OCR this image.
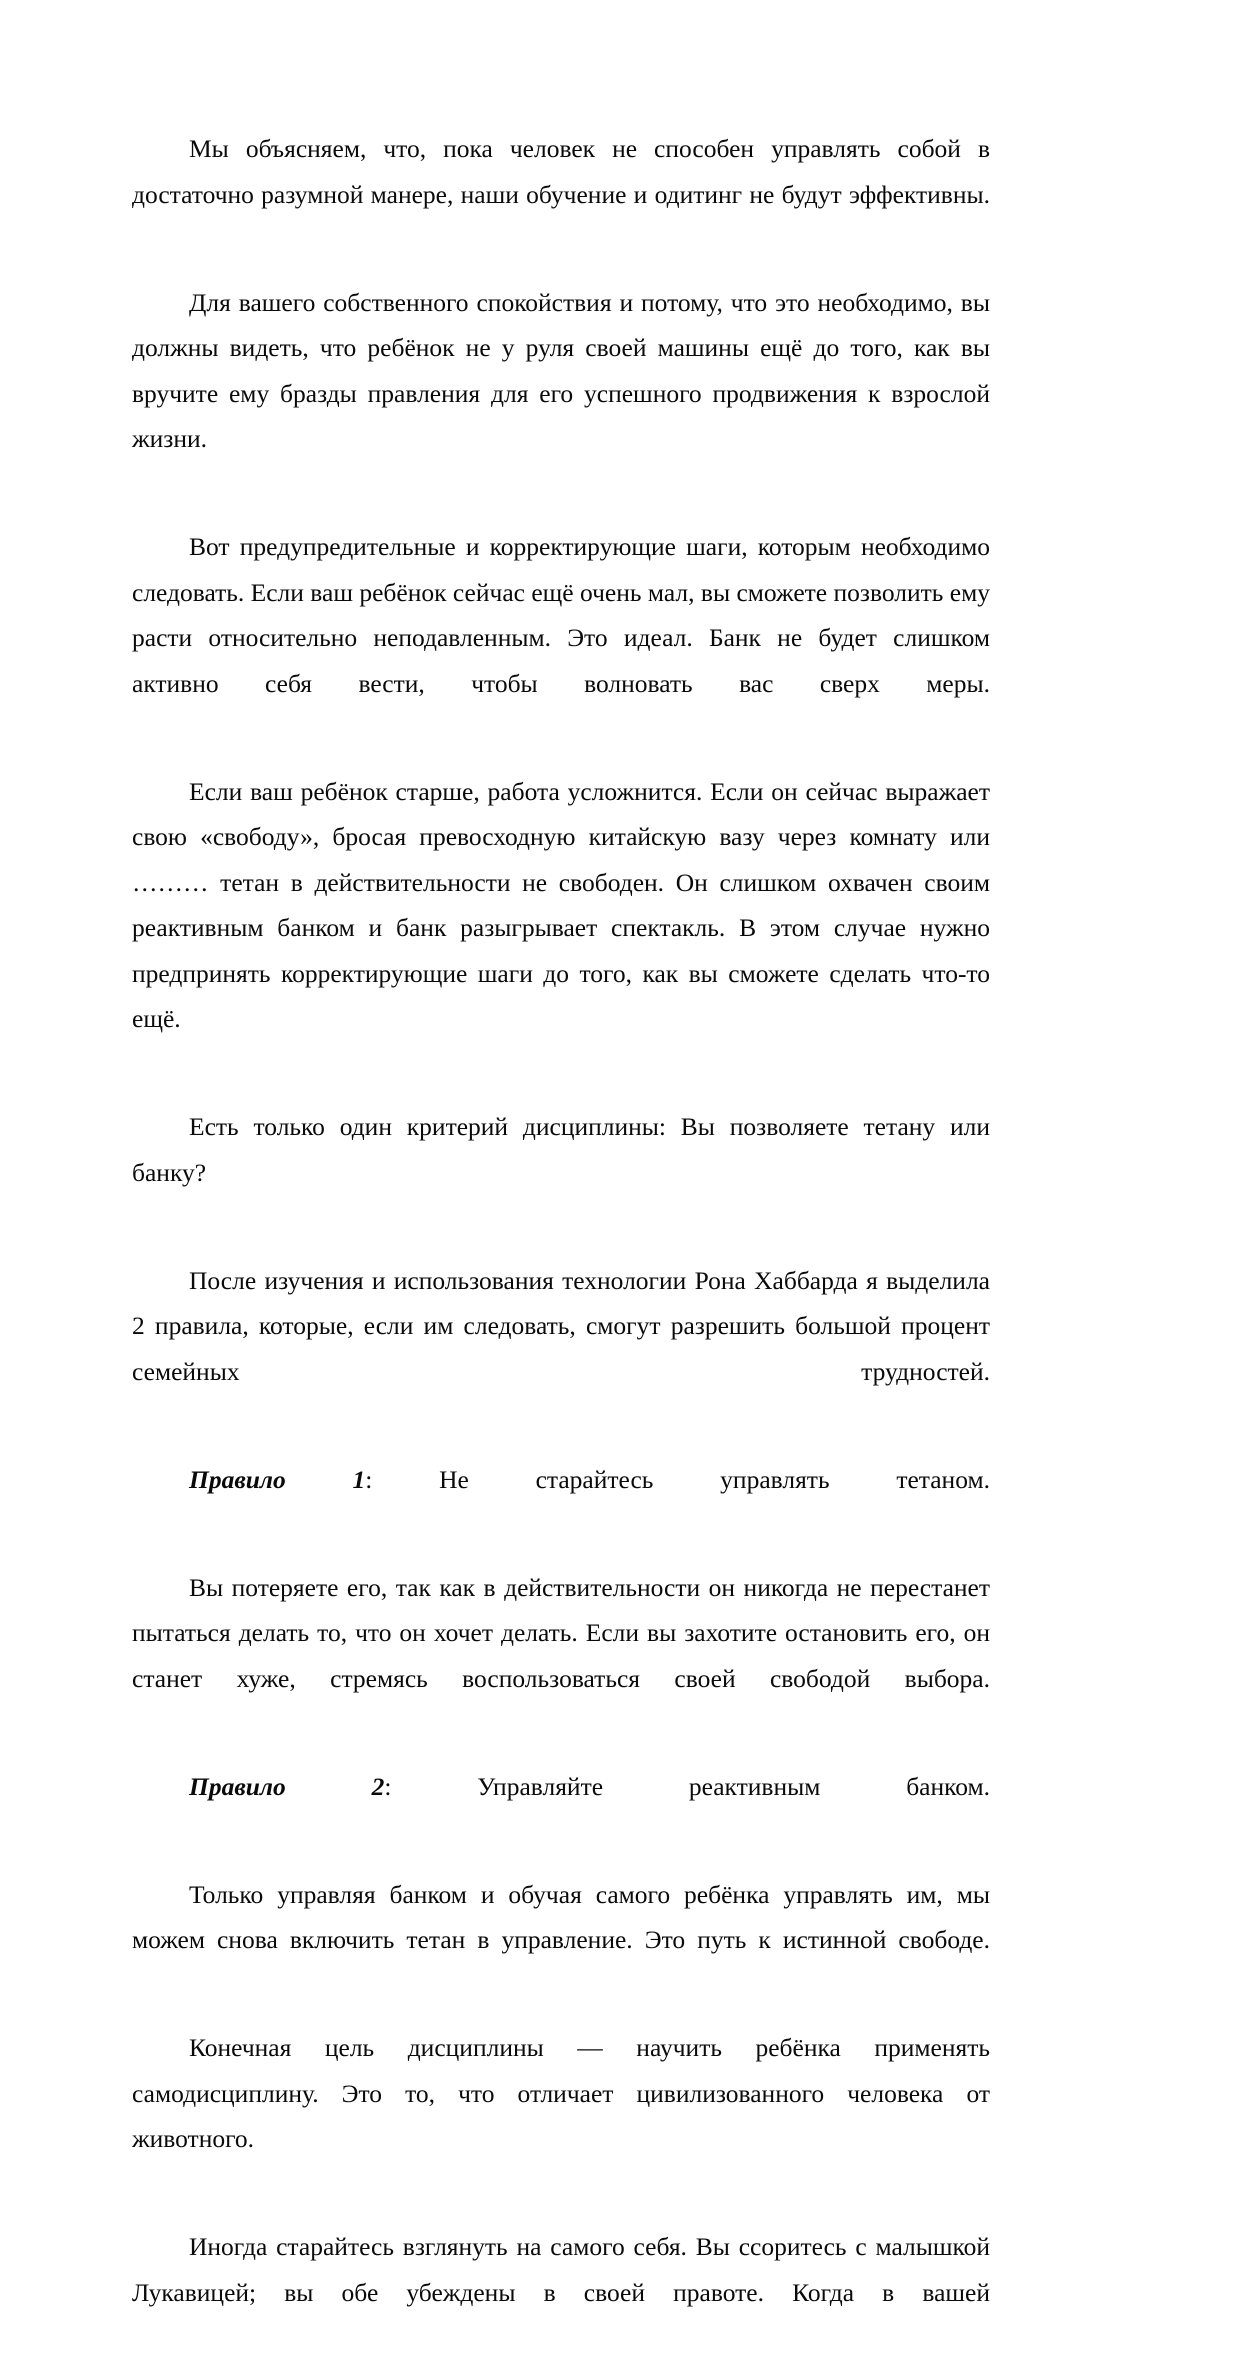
Мы объясняем, что, пока человек не способен управлять собой в достаточно разумной манере, наши обучение и одитинг не будут эффективны.

Для вашего собственного спокойствия и потому, что это необходимо, вы должны видеть, что ребёнок не у руля своей машины ещё до того, как вы вручите ему бразды правления для его успешного продвижения к взрослой жизни.

Вот предупредительные и корректирующие шаги, которым необходимо следовать. Если ваш ребёнок сейчас ещё очень мал, вы сможете позволить ему расти относительно неподавленным. Это идеал. Банк не будет слишком активно себя вести, чтобы волновать вас сверх меры.

Если ваш ребёнок старше, работа усложнится. Если он сейчас выражает свою «свободу», бросая превосходную китайскую вазу через комнату или ……… тетан в действительности не свободен. Он слишком охвачен своим реактивным банком и банк разыгрывает спектакль. В этом случае нужно предпринять корректирующие шаги до того, как вы сможете сделать что-то ещё.

Есть только один критерий дисциплины: Вы позволяете тетану или банку?

После изучения и использования технологии Рона Хаббарда я выделила 2 правила, которые, если им следовать, смогут разрешить большой процент семейных трудностей.

Правило 1: Не старайтесь управлять тетаном.

Вы потеряете его, так как в действительности он никогда не перестанет пытаться делать то, что он хочет делать. Если вы захотите остановить его, он станет хуже, стремясь воспользоваться своей свободой выбора.

Правило 2: Управляйте реактивным банком.

Только управляя банком и обучая самого ребёнка управлять им, мы можем снова включить тетан в управление. Это путь к истинной свободе.

Конечная цель дисциплины — научить ребёнка применять самодисциплину. Это то, что отличает цивилизованного человека от животного.

Иногда старайтесь взглянуть на самого себя. Вы ссоритесь с малышкой Лукавицей; вы обе убеждены в своей правоте. Когда в вашей
